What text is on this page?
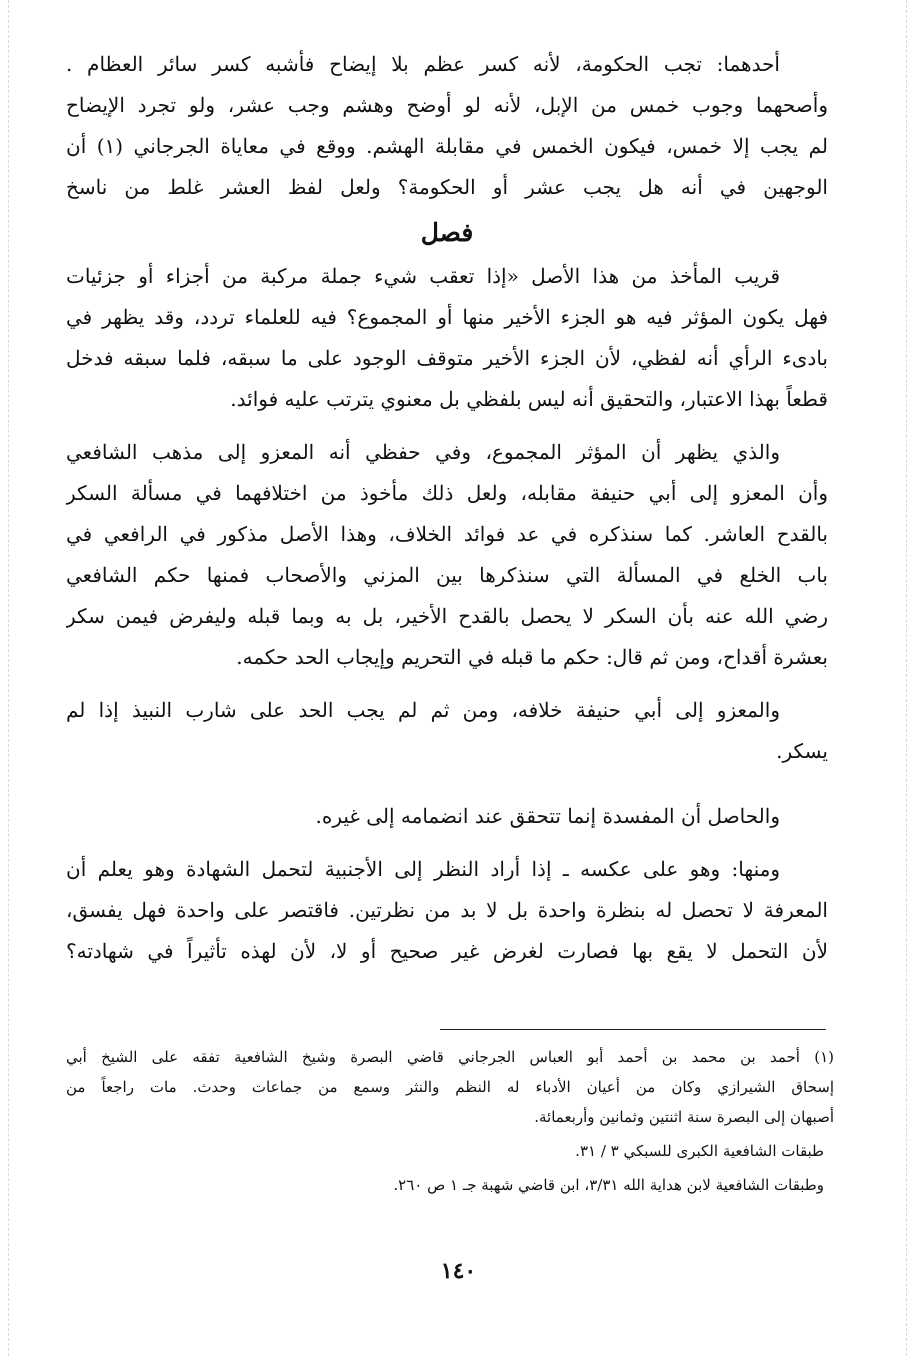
أحدهما: تجب الحكومة، لأنه كسر عظم بلا إيضاح فأشبه كسر سائر العظام .
وأصحهما وجوب خمس من الإبل، لأنه لو أوضح وهشم وجب عشر، ولو تجرد الإيضاح
لم يجب إلا خمس، فيكون الخمس في مقابلة الهشم. ووقع في معاياة الجرجاني (١) أن
الوجهين في أنه هل يجب عشر أو الحكومة؟ ولعل لفظ العشر غلط من ناسخ
فصل
قريب المأخذ من هذا الأصل «إذا تعقب شيء جملة مركبة من أجزاء أو جزئيات
فهل يكون المؤثر فيه هو الجزء الأخير منها أو المجموع؟ فيه للعلماء تردد، وقد يظهر في
بادىء الرأي أنه لفظي، لأن الجزء الأخير متوقف الوجود على ما سبقه، فلما سبقه فدخل
قطعاً بهذا الاعتبار، والتحقيق أنه ليس بلفظي بل معنوي يترتب عليه فوائد.
والذي يظهر أن المؤثر المجموع، وفي حفظي أنه المعزو إلى مذهب الشافعي
وأن المعزو إلى أبي حنيفة مقابله، ولعل ذلك مأخوذ من اختلافهما في مسألة السكر
بالقدح العاشر. كما سنذكره في عد فوائد الخلاف، وهذا الأصل مذكور في الرافعي في
باب الخلع في المسألة التي سنذكرها بين المزني والأصحاب فمنها حكم الشافعي
رضي الله عنه بأن السكر لا يحصل بالقدح الأخير، بل به وبما قبله وليفرض فيمن سكر
بعشرة أقداح، ومن ثم قال: حكم ما قبله في التحريم وإيجاب الحد حكمه.
والمعزو إلى أبي حنيفة خلافه، ومن ثم لم يجب الحد على شارب النبيذ إذا لم
يسكر.
والحاصل أن المفسدة إنما تتحقق عند انضمامه إلى غيره.
ومنها: وهو على عكسه ـ إذا أراد النظر إلى الأجنبية لتحمل الشهادة وهو يعلم أن
المعرفة لا تحصل له بنظرة واحدة بل لا بد من نظرتين. فاقتصر على واحدة فهل يفسق،
لأن التحمل لا يقع بها فصارت لغرض غير صحيح أو لا، لأن لهذه تأثيراً في شهادته؟
(١) أحمد بن محمد بن أحمد أبو العباس الجرجاني قاضي البصرة وشيخ الشافعية تفقه على الشيخ أبي
إسحاق الشيرازي وكان من أعيان الأدباء له النظم والنثر وسمع من جماعات وحدث. مات راجعاً من
أصبهان إلى البصرة سنة اثنتين وثمانين وأربعمائة.
طبقات الشافعية الكبرى للسبكي ٣ / ٣١.
وطبقات الشافعية لابن هداية الله ٣/٣١، ابن قاضي شهبة جـ ١ ص ٢٦٠.
١٤٠
